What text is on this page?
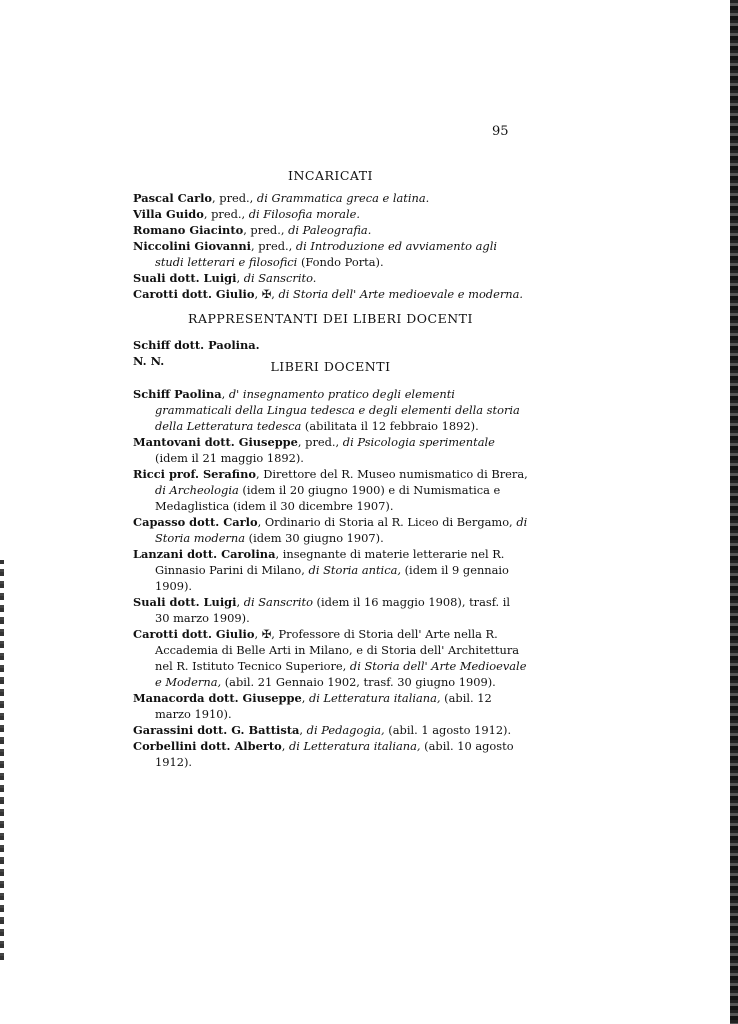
95
INCARICATI

Pascal Carlo, pred., di Grammatica greca e latina.

Villa Guido, pred., di Filosofia morale.

Romano Giacinto, pred., di Paleografia.

Niccolini Giovanni, pred., di Introduzione ed avviamento agli studi letterari e filosofici (Fondo Porta).

Suali dott. Luigi, di Sanscrito.

Carotti dott. Giulio, ✠, di Storia dell' Arte medioevale e moderna.

RAPPRESENTANTI DEI LIBERI DOCENTI

Schiff dott. Paolina.

N. N.	LIBERI DOCENTI

Schiff Paolina, d' insegnamento pratico degli elementi grammaticali della Lingua tedesca e degli elementi della storia della Letteratura tedesca (abilitata il 12 febbraio 1892).

Mantovani dott. Giuseppe, pred., di Psicologia sperimentale (idem il 21 maggio 1892).

Ricci prof. Serafino, Direttore del R. Museo numismatico di Brera, di Archeologia (idem il 20 giugno 1900) e di Numismatica e Medaglistica (idem il 30 dicembre 1907).

Capasso dott. Carlo, Ordinario di Storia al R. Liceo di Bergamo, di Storia moderna (idem 30 giugno 1907).

Lanzani dott. Carolina, insegnante di materie letterarie nel R. Ginnasio Parini di Milano, di Storia antica, (idem il 9 gennaio 1909).

Suali dott. Luigi, di Sanscrito (idem il 16 maggio 1908), trasf. il 30 marzo 1909).

Carotti dott. Giulio, ✠, Professore di Storia dell' Arte nella R. Accademia di Belle Arti in Milano, e di Storia dell' Architettura nel R. Istituto Tecnico Superiore, di Storia dell' Arte Medioevale e Moderna, (abil. 21 Gennaio 1902, trasf. 30 giugno 1909).

Manacorda dott. Giuseppe, di Letteratura italiana, (abil. 12 marzo 1910).

Garassini dott. G. Battista, di Pedagogia, (abil. 1 agosto 1912).

Corbellini dott. Alberto, di Letteratura italiana, (abil. 10 agosto 1912).
